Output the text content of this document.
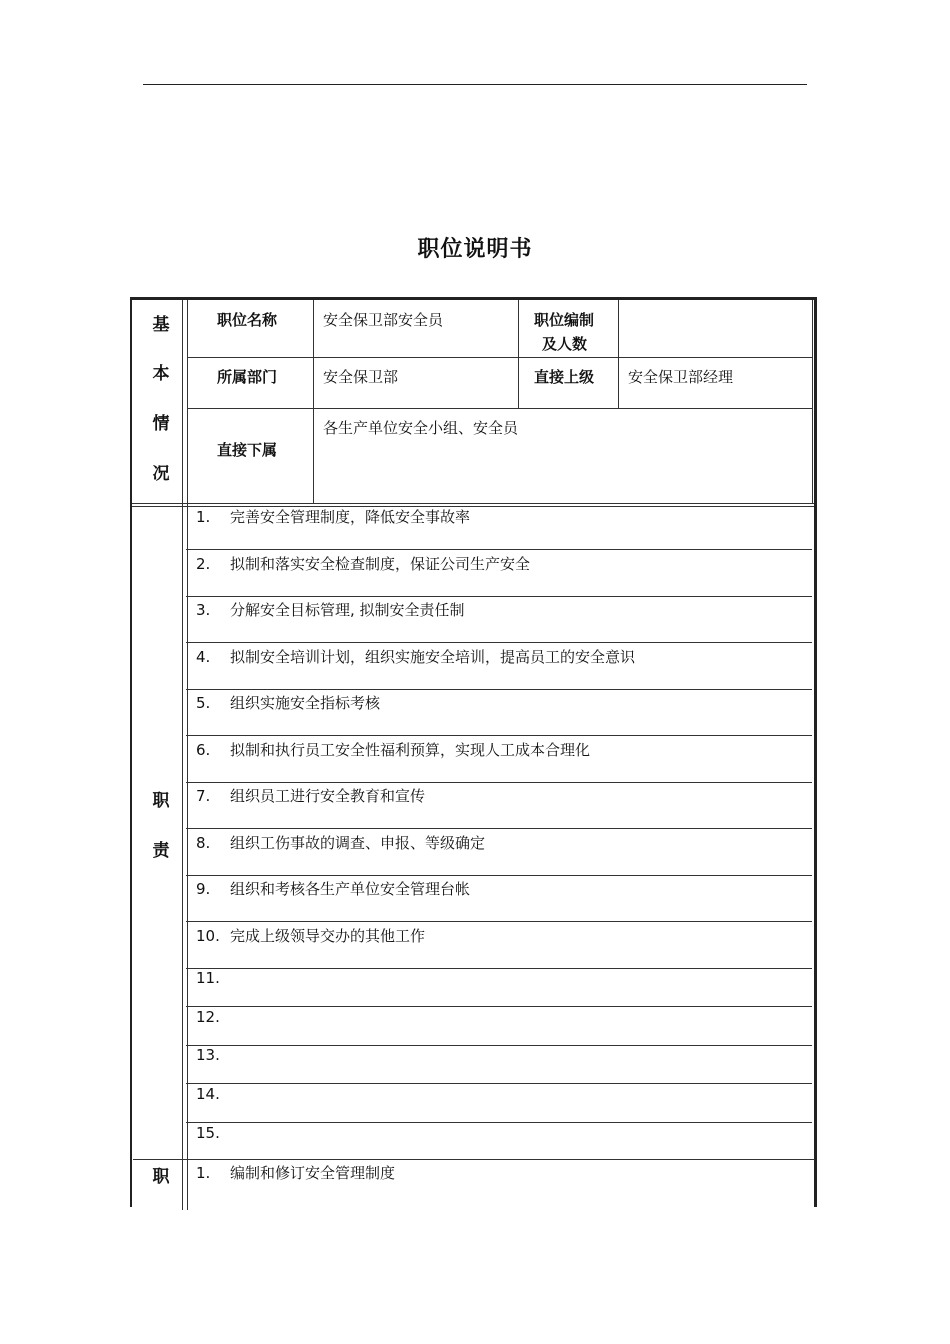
职位说明书
基
本
情
况
职位名称	安全保卫部安全员	职位编制
及人数
所属部门	安全保卫部	直接上级 安全保卫部经理
直接下属
各生产单位安全小组、安全员
职
责
1. 完善安全管理制度，降低安全事故率
2. 拟制和落实安全检查制度，保证公司生产安全
3. 分解安全目标管理, 拟制安全责任制
4. 拟制安全培训计划，组织实施安全培训，提高员工的安全意识
5. 组织实施安全指标考核
6. 拟制和执行员工安全性福利预算，实现人工成本合理化
7. 组织员工进行安全教育和宣传
8. 组织工伤事故的调查、申报、等级确定
9. 组织和考核各生产单位安全管理台帐
10. 完成上级领导交办的其他工作
11.
12.
13.
14.
15.
职	1. 编制和修订安全管理制度
